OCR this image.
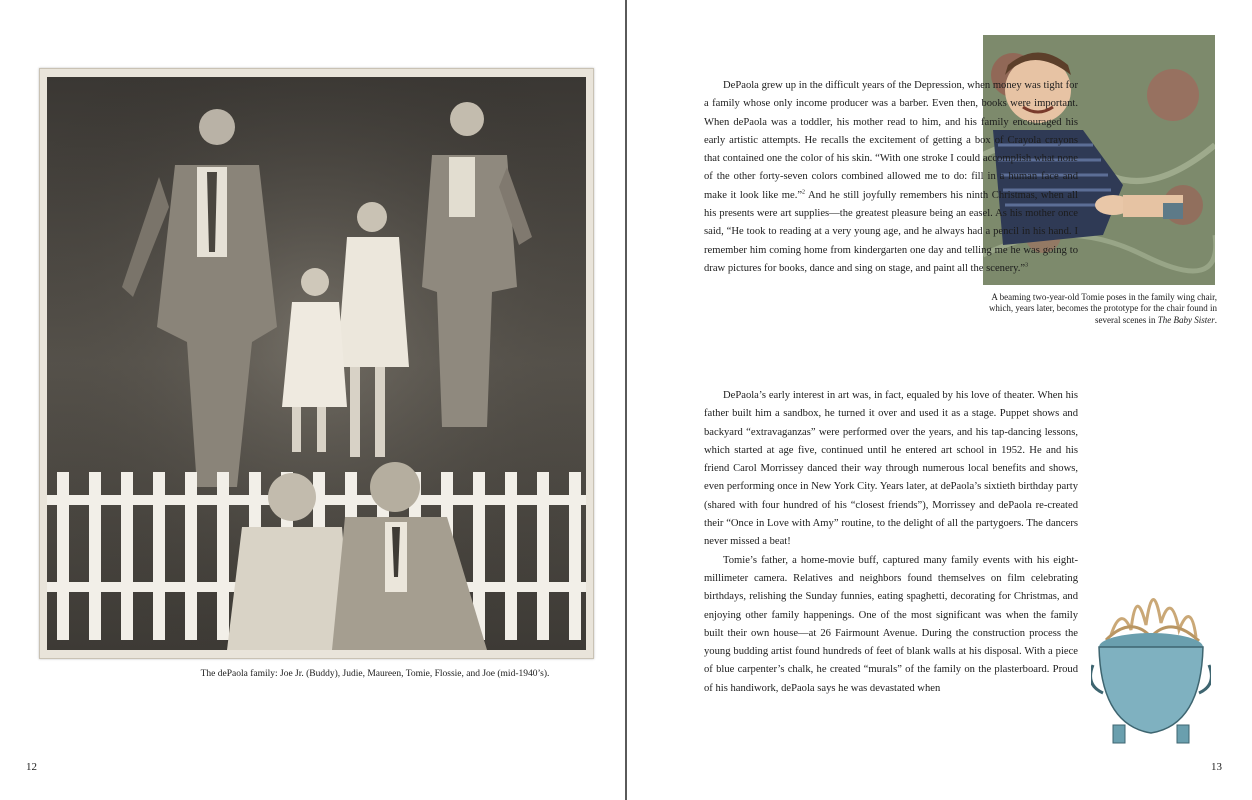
The dePaola family: Joe Jr. (Buddy), Judie, Maureen, Tomie, Flossie, and Joe (mid-1940’s).
12
A beaming two-year-old Tomie poses in the family wing chair, which, years later, becomes the prototype for the chair found in several scenes in The Baby Sister.

DePaola grew up in the difficult years of the Depression, when money was tight for a family whose only income producer was a barber. Even then, books were important. When dePaola was a toddler, his mother read to him, and his family encouraged his early artistic attempts. He recalls the excitement of getting a box of Crayola crayons that contained one the color of his skin. “With one stroke I could accomplish what none of the other forty-seven colors combined allowed me to do: fill in a human face and make it look like me.”$^2$ And he still joyfully remembers his ninth Christmas, when all his presents were art supplies—the greatest pleasure being an easel. As his mother once said, “He took to reading at a very young age, and he always had a pencil in his hand. I remember him coming home from kindergarten one day and telling me he was going to draw pictures for books, dance and sing on stage, and paint all the scenery.”$^3$

DePaola’s early interest in art was, in fact, equaled by his love of theater. When his father built him a sandbox, he turned it over and used it as a stage. Puppet shows and backyard “extravaganzas” were performed over the years, and his tap-dancing lessons, which started at age five, continued until he entered art school in 1952. He and his friend Carol Morrissey danced their way through numerous local benefits and shows, even performing once in New York City. Years later, at dePaola’s sixtieth birthday party (shared with four hundred of his “closest friends”), Morrissey and dePaola re-created their “Once in Love with Amy” routine, to the delight of all the partygoers. The dancers never missed a beat!

Tomie’s father, a home-movie buff, captured many family events with his eight-millimeter camera. Relatives and neighbors found themselves on film celebrating birthdays, relishing the Sunday funnies, eating spaghetti, decorating for Christmas, and enjoying other family happenings. One of the most significant was when the family built their own house—at 26 Fairmount Avenue. During the construction process the young budding artist found hundreds of feet of blank walls at his disposal. With a piece of blue carpenter’s chalk, he created “murals” of the family on the plasterboard. Proud of his handiwork, dePaola says he was devastated when

13
